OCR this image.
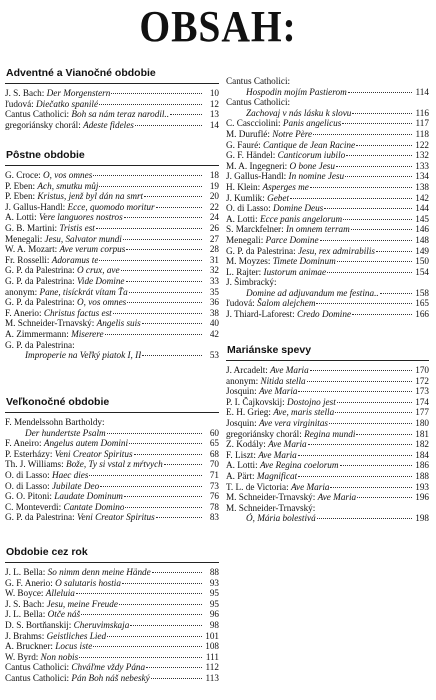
OBSAH:
Adventné a Vianočné obdobie
J. S. Bach: Der Morgenstern	10
ľudová: Diečatko spanilé	12
Cantus Catholici: Boh sa nám teraz narodil..	13
gregoriánsky chorál: Adeste fideles	14
Pôstne obdobie
G. Croce: O, vos omnes	18
P. Eben: Ach, smutku můj	19
P. Eben: Kristus, jenž byl dán na smrt	20
J. Gallus-Handl: Ecce, quomodo moritur	22
A. Lotti: Vere languores nostros	24
G. B. Martini: Tristis est	26
Menegali: Jesu, Salvator mundi	27
W. A. Mozart: Ave verum corpus	28
Fr. Rosselli: Adoramus te	31
G. P. da Palestrina: O crux, ave	32
G. P. da Palestrina: Vide Domine	33
anonym: Pane, tisíckrát vítam Ťa	35
G. P. da Palestrina: O, vos omnes	36
F. Anerio: Christus factus est	38
M. Schneider-Trnavský: Angelis suis	40
A. Zimmermann: Miserere	42
G. P. da Palestrina:
Improperie na Veľký piatok I, II	53
Veľkonočné obdobie
F. Mendelssohn Bartholdy:
Der hundertste Psalm	60
F. Aneiro: Angelus autem Domini	65
P. Esterházy: Veni Creator Spiritus	68
Th. J. Williams: Bože, Ty si vstal z mŕtvych	70
O. di Lasso: Haec dies	71
O. di Lasso: Jubilate Deo	73
G. O. Pitoni: Laudate Dominum	76
C. Monteverdi: Cantate Domino	78
G. P. da Palestrina: Veni Creator Spiritus	83
Obdobie cez rok
J. L. Bella: So nimm denn meine Hände	88
G. F. Anerio: O salutaris hostia	93
W. Boyce: Alleluia	95
J. S. Bach: Jesu, meine Freude	95
J. L. Bella: Otče náš	96
D. S. Bortňanskij: Cheruvimskaja	98
J. Brahms: Geistliches Lied	101
A. Bruckner: Locus iste	108
W. Byrd: Non nobis	111
Cantus Catholici: Chváľme vždy Pána	112
Cantus Catholici: Pán Boh náš nebeský	113
Cantus Catholici:
Hospodin mojím Pastierom	114
Cantus Catholici:
Zachovaj v nás lásku k slovu	116
C. Cascciolini: Panis angelicus	117
M. Duruflé: Notre Père	118
G. Fauré: Cantique de Jean Racine	122
G. F. Händel: Canticorum iubilo	132
M. A. Ingegneri: O bone Jesu	133
J. Gallus-Handl: In nomine Jesu	134
H. Klein: Asperges me	138
J. Kumlik: Gebet	142
O. di Lasso: Domine Deus	144
A. Lotti: Ecce panis angelorum	145
S. Marckfelner: In omnem terram	146
Menegali: Parce Domine	148
G. P. da Palestrina: Jesu, rex admirabilis	149
M. Moyzes: Timete Dominum	150
L. Rajter: Iustorum animae	154
J. Šimbracký:
Domine ad adjuvandum me festina..	158
ľudová: Šalom alejchem	165
J. Thiard-Laforest: Credo Domine	166
Mariánske spevy
J. Arcadelt: Ave Maria	170
anonym: Nitida stella	172
Josquin: Ave Maria	173
P. I. Čajkovskij: Dostojno jest	174
E. H. Grieg: Ave, maris stella	177
Josquin: Ave vera virginitas	180
gregoriánsky chorál: Regina mundi	181
Z. Kodály: Ave Maria	182
F. Liszt: Ave Maria	184
A. Lotti: Ave Regina coelorum	186
A. Pärt: Magnificat	188
T. L. de Victoria: Ave Maria	193
M. Schneider-Trnavský: Ave Maria	196
M. Schneider-Trnavský:
Ó, Mária bolestivá	198
